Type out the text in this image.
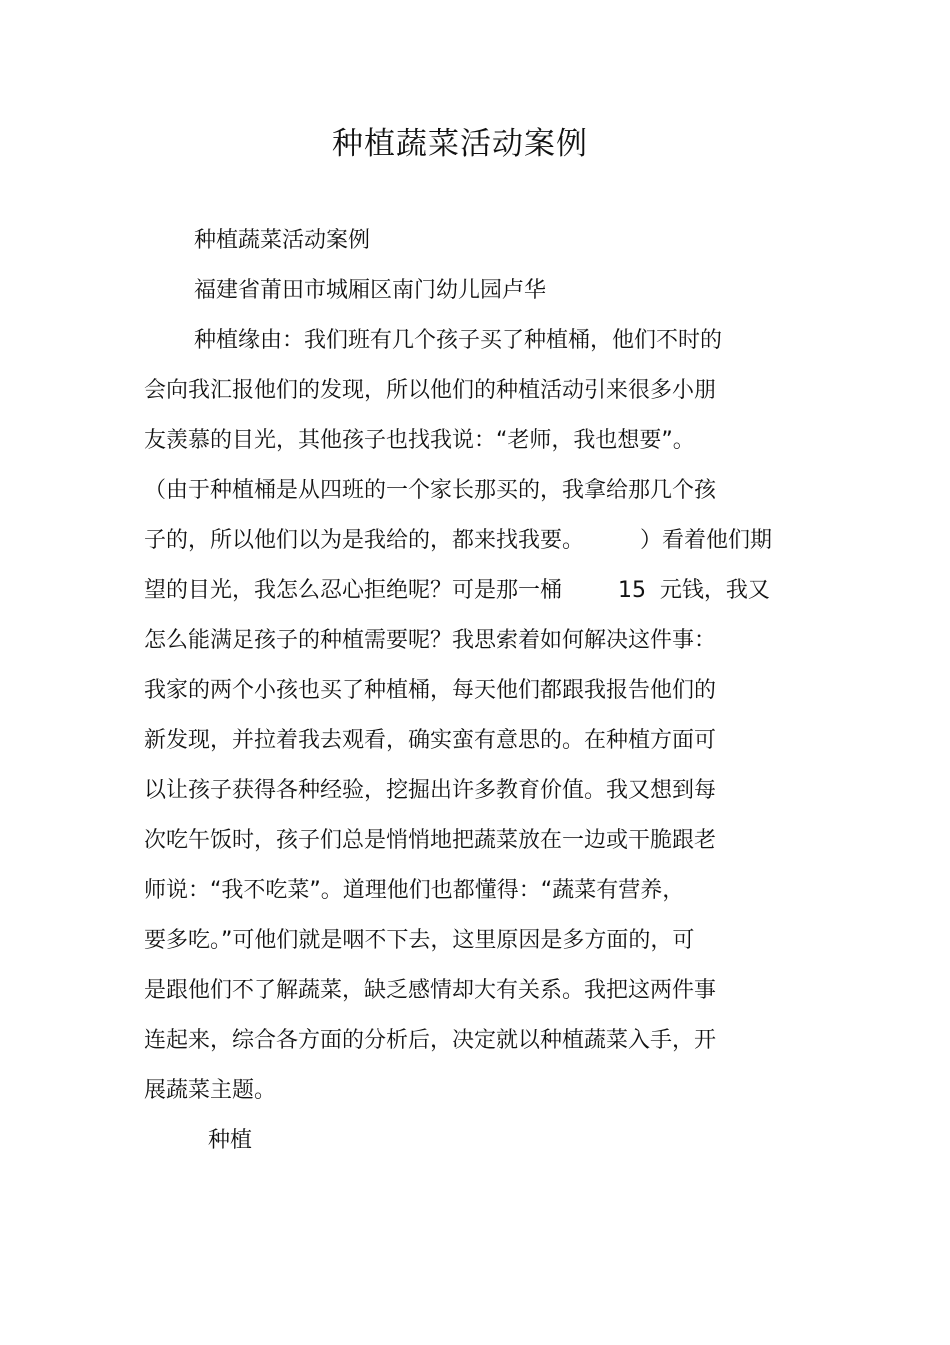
种植蔬菜活动案例
种植蔬菜活动案例
福建省莆田市城厢区南门幼儿园卢华
种植缘由：我们班有几个孩子买了种植桶，他们不时的
会向我汇报他们的发现，所以他们的种植活动引来很多小朋
友羡慕的目光，其他孩子也找我说：“老师，我也想要”。
（由于种植桶是从四班的一个家长那买的，我拿给那几个孩
子的，所以他们以为是我给的，都来找我要。        ）看着他们期
望的目光，我怎么忍心拒绝呢？可是那一桶        15  元钱，我又
怎么能满足孩子的种植需要呢？我思索着如何解决这件事：
我家的两个小孩也买了种植桶，每天他们都跟我报告他们的
新发现，并拉着我去观看，确实蛮有意思的。在种植方面可
以让孩子获得各种经验，挖掘出许多教育价值。我又想到每
次吃午饭时，孩子们总是悄悄地把蔬菜放在一边或干脆跟老
师说：“我不吃菜”。道理他们也都懂得：“蔬菜有营养，
要多吃。”可他们就是咽不下去，这里原因是多方面的，可
是跟他们不了解蔬菜，缺乏感情却大有关系。我把这两件事
连起来，综合各方面的分析后，决定就以种植蔬菜入手，开
展蔬菜主题。
种植
